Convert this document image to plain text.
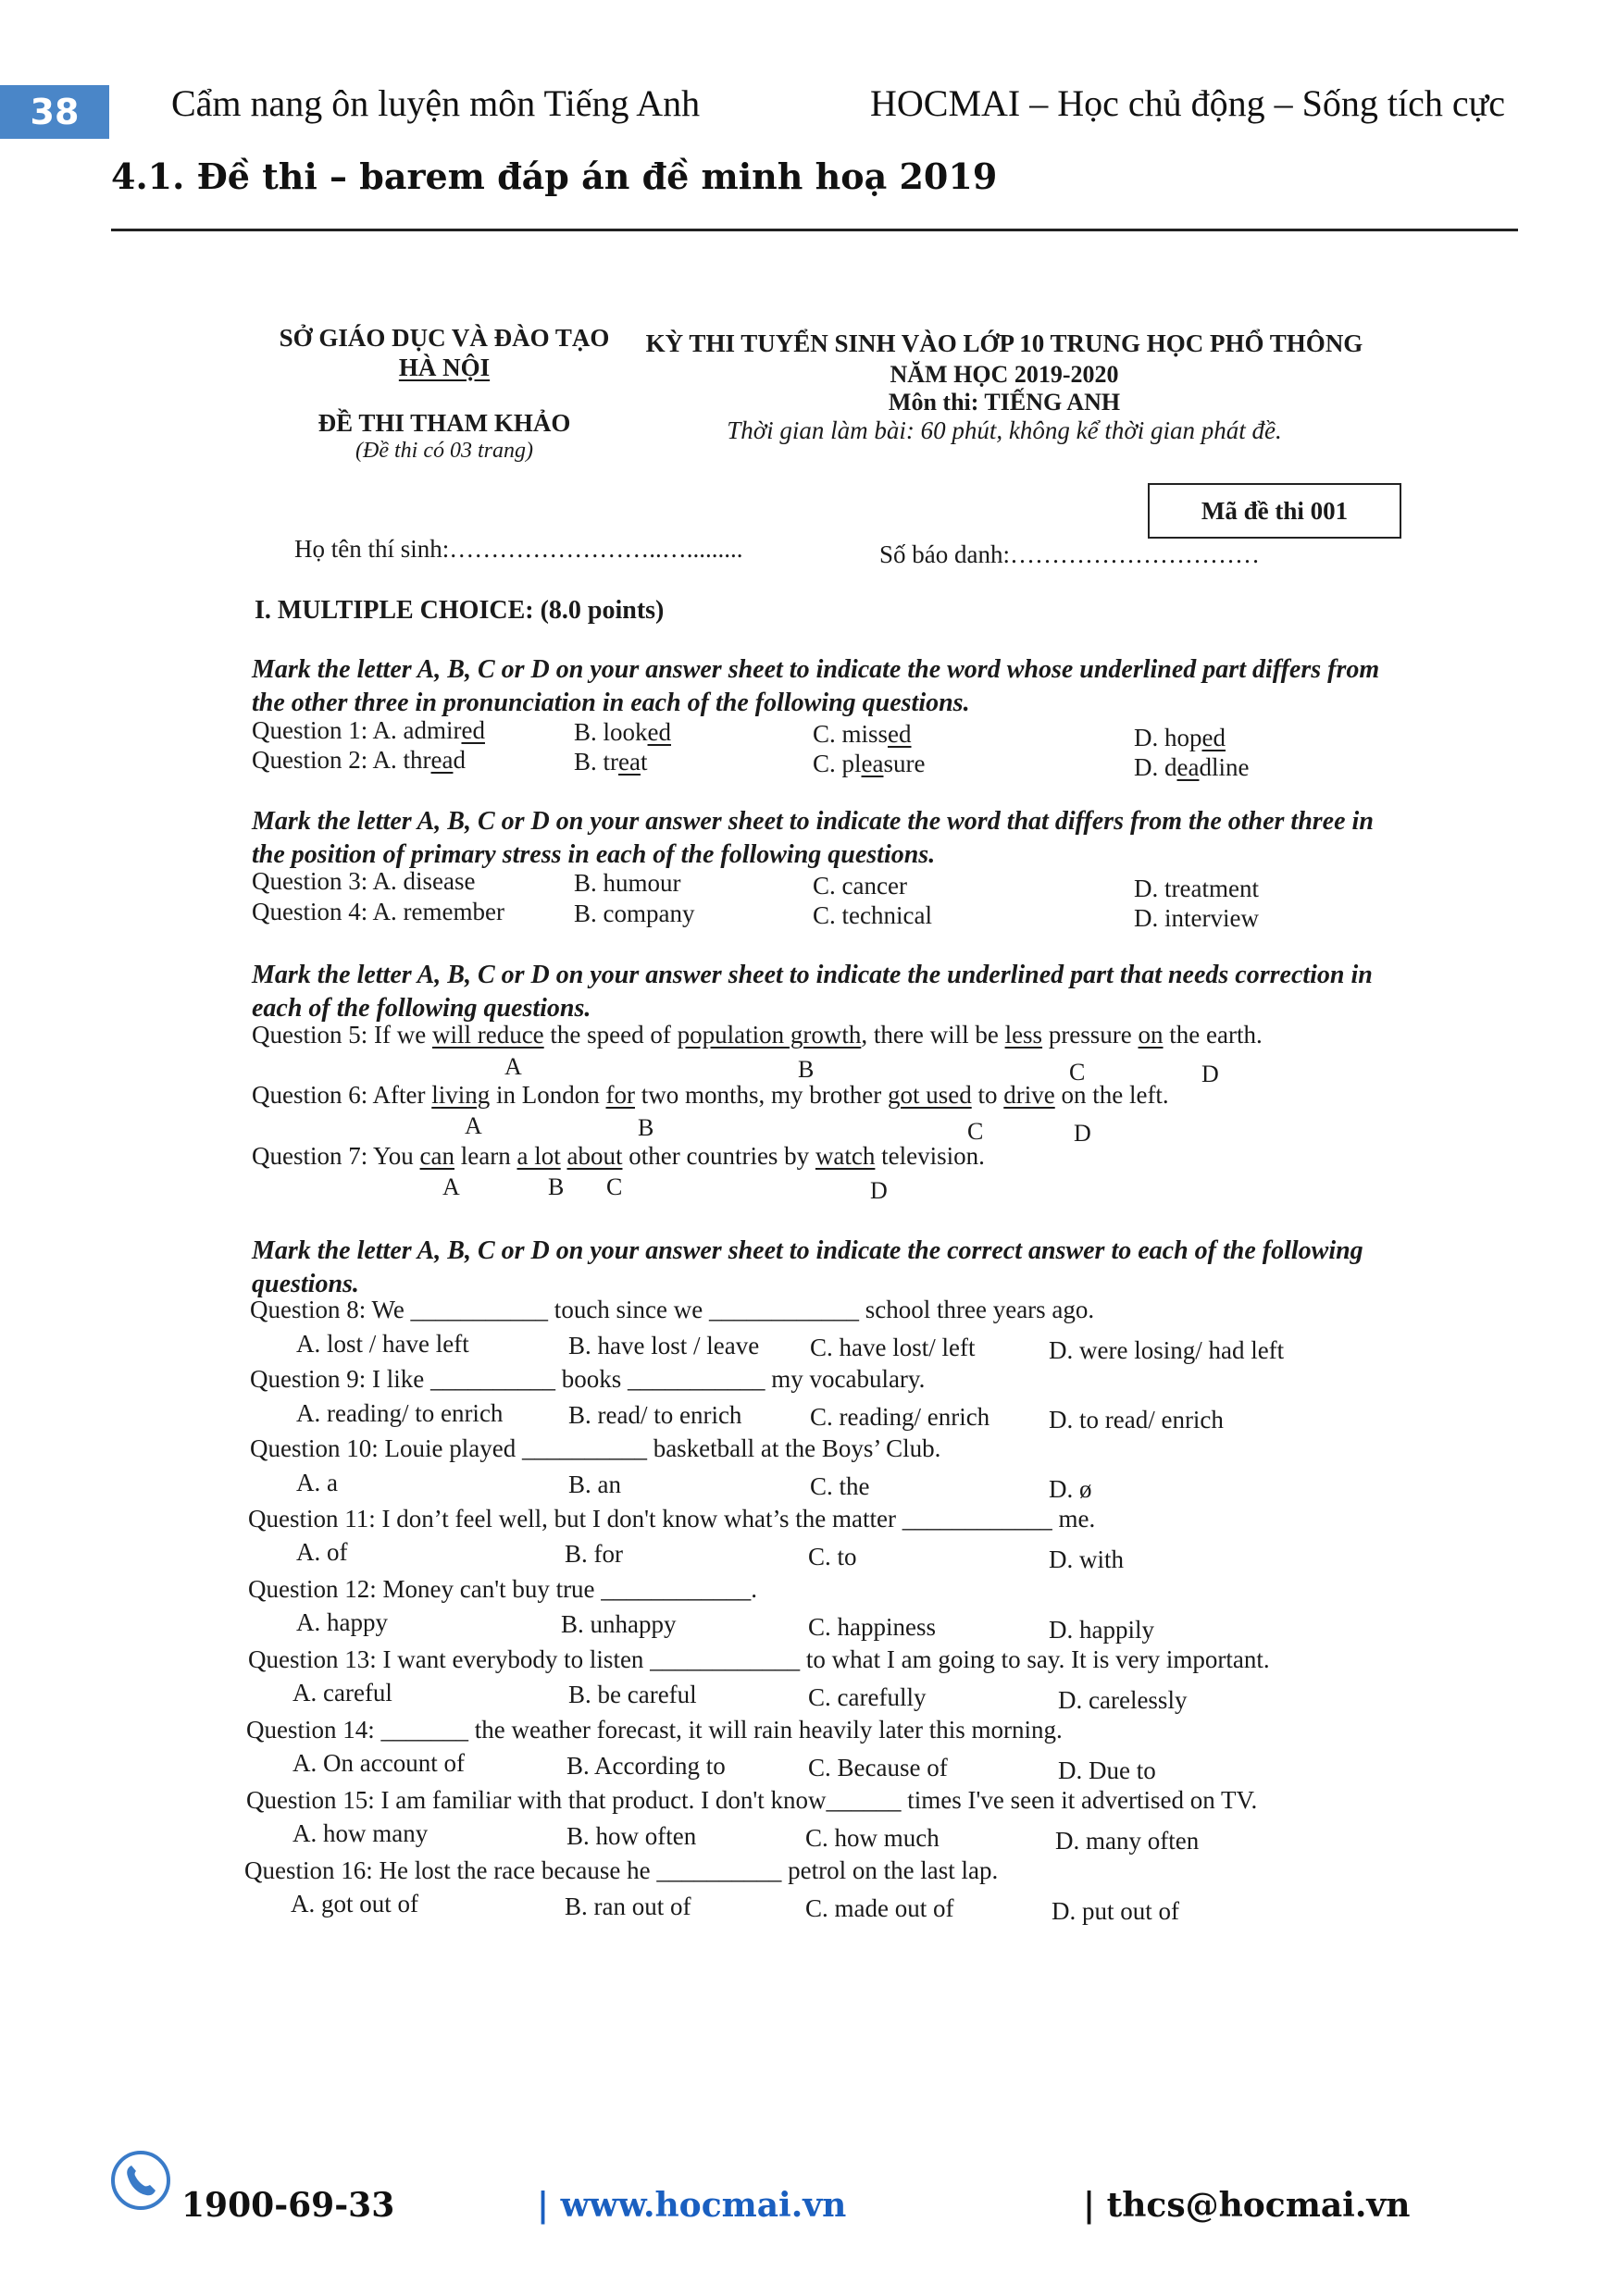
38	Cẩm nang ôn luyện môn Tiếng Anh	HOCMAI – Học chủ động – Sống tích cực
4.1. Đề thi – barem đáp án đề minh hoạ 2019
SỞ GIÁO DỤC VÀ ĐÀO TẠO
HÀ NỘI
ĐỀ THI THAM KHẢO
(Đề thi có 03 trang)
KỲ THI TUYỂN SINH VÀO LỚP 10 TRUNG HỌC PHỔ THÔNG
NĂM HỌC 2019-2020
Môn thi: TIẾNG ANH
Thời gian làm bài: 60 phút, không kể thời gian phát đề.
Mã đề thi 001
Họ tên thí sinh:……………………..….........	Số báo danh:…………………………
I. MULTIPLE CHOICE: (8.0 points)
Mark the letter A, B, C or D on your answer sheet to indicate the word whose underlined part differs from the other three in pronunciation in each of the following questions.
Question 1: A. admired	B. looked	C. missed	D. hoped
Question 2: A. thread	B. treat	C. pleasure	D. deadline
Mark the letter A, B, C or D on your answer sheet to indicate the word that differs from the other three in the position of primary stress in each of the following questions.
Question 3: A. disease	B. humour	C. cancer	D. treatment
Question 4: A. remember	B. company	C. technical	D. interview
Mark the letter A, B, C or D on your answer sheet to indicate the underlined part that needs correction in each of the following questions.
Question 5: If we will reduce the speed of population growth, there will be less pressure on the earth.
A	B	C	D
Question 6: After living in London for two months, my brother got used to drive on the left.
A	B	C	D
Question 7: You can learn a lot about other countries by watch television.
A	B C	D
Mark the letter A, B, C or D on your answer sheet to indicate the correct answer to each of the following questions.
Question 8: We ___________ touch since we ____________ school three years ago.
A. lost / have left	B. have lost / leave C. have lost/ left	D. were losing/ had left
Question 9: I like __________ books ___________ my vocabulary.
A. reading/ to enrich	B. read/ to enrich	C. reading/ enrich D. to read/ enrich
Question 10: Louie played __________ basketball at the Boys’ Club.
A. a	B. an	C. the	D. ø
Question 11: I don’t feel well, but I don't know what’s the matter ____________ me.
A. of	B. for	C. to	D. with
Question 12: Money can't buy true ____________.
A. happy	B. unhappy	C. happiness	D. happily
Question 13: I want everybody to listen ____________ to what I am going to say. It is very important.
A. careful	B. be careful	C. carefully	D. carelessly
Question 14: _______ the weather forecast, it will rain heavily later this morning.
A. On account of	B. According to	C. Because of	D. Due to
Question 15: I am familiar with that product. I don't know______ times I've seen it advertised on TV.
A. how many	B. how often	C. how much	D. many often
Question 16: He lost the race because he __________ petrol on the last lap.
A. got out of	B. ran out of	C. made out of	D. put out of
1900-69-33	| www.hocmai.vn	| thcs@hocmai.vn
